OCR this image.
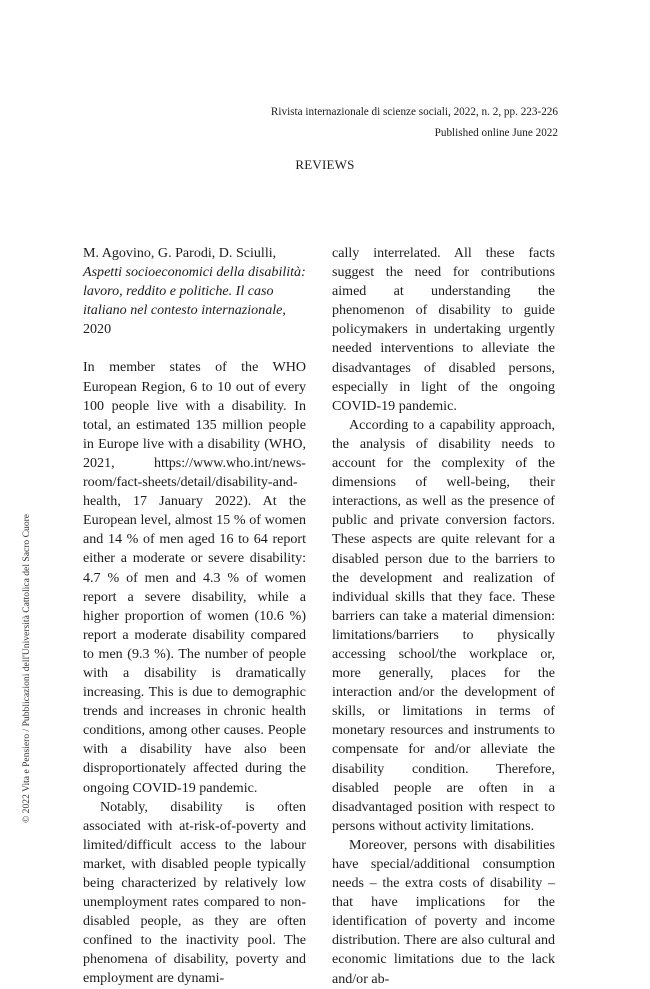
Rivista internazionale di scienze sociali, 2022, n. 2, pp. 223-226
Published online June 2022
REVIEWS
M. Agovino, G. Parodi, D. Sciulli, Aspetti socioeconomici della disabilità: lavoro, reddito e politiche. Il caso italiano nel contesto internazionale, 2020

In member states of the WHO European Region, 6 to 10 out of every 100 people live with a disability. In total, an estimated 135 million people in Europe live with a disability (WHO, 2021, https://www.who.int/news-room/fact-sheets/detail/disability-and-health, 17 January 2022). At the European level, almost 15 % of women and 14 % of men aged 16 to 64 report either a moderate or severe disability: 4.7 % of men and 4.3 % of women report a severe disability, while a higher proportion of women (10.6 %) report a moderate disability compared to men (9.3 %). The number of people with a disability is dramatically increasing. This is due to demographic trends and increases in chronic health conditions, among other causes. People with a disability have also been disproportionately affected during the ongoing COVID-19 pandemic.

Notably, disability is often associated with at-risk-of-poverty and limited/difficult access to the labour market, with disabled people typically being characterized by relatively low unemployment rates compared to non-disabled people, as they are often confined to the inactivity pool. The phenomena of disability, poverty and employment are dynami-

cally interrelated. All these facts suggest the need for contributions aimed at understanding the phenomenon of disability to guide policymakers in undertaking urgently needed interventions to alleviate the disadvantages of disabled persons, especially in light of the ongoing COVID-19 pandemic.

According to a capability approach, the analysis of disability needs to account for the complexity of the dimensions of well-being, their interactions, as well as the presence of public and private conversion factors. These aspects are quite relevant for a disabled person due to the barriers to the development and realization of individual skills that they face. These barriers can take a material dimension: limitations/barriers to physically accessing school/the workplace or, more generally, places for the interaction and/or the development of skills, or limitations in terms of monetary resources and instruments to compensate for and/or alleviate the disability condition. Therefore, disabled people are often in a disadvantaged position with respect to persons without activity limitations.

Moreover, persons with disabilities have special/additional consumption needs – the extra costs of disability – that have implications for the identification of poverty and income distribution. There are also cultural and economic limitations due to the lack and/or ab-

© 2022 Vita e Pensiero / Pubblicazioni dell'Università Cattolica del Sacro Cuore
